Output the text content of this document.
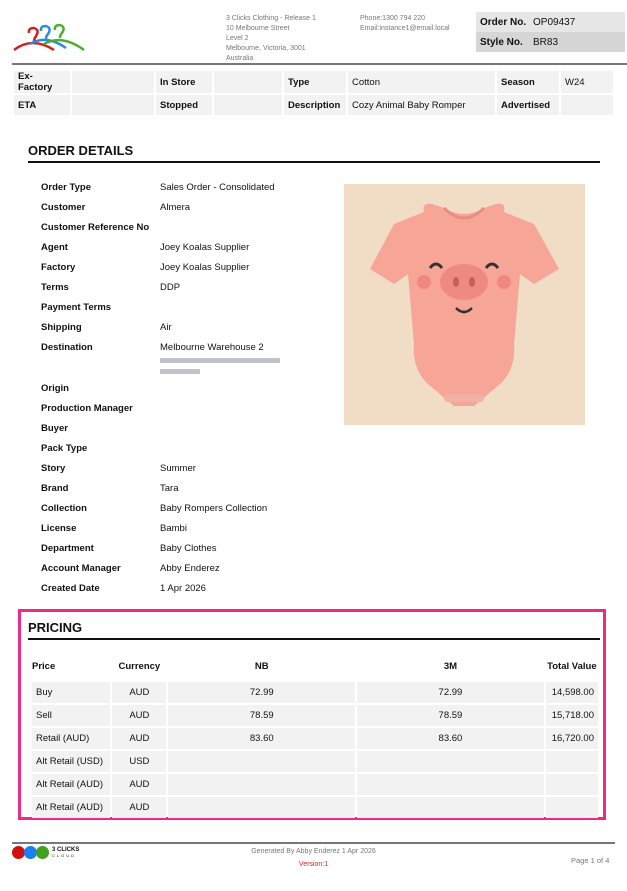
3 Clicks Clothing - Release 1
10 Melbourne Street
Level 2
Melbourne, Victoria, 3001
Australia
Phone:1300 794 220
Email:instance1@email.local
Order No. OP09437
Style No.	BR83
Ex-Factory		In Store		Type	Cotton	Season	W24
ETA		Stopped		Description	Cozy Animal Baby Romper	Advertised	
ORDER DETAILS
Order Type	Sales Order - Consolidated
Customer	Almera
Customer Reference No
Agent	Joey Koalas Supplier
Factory	Joey Koalas Supplier
Terms	DDP
Payment Terms
Shipping	Air
Destination	Melbourne Warehouse 2

Origin
Production Manager
Buyer
Pack Type
Story	Summer
Brand	Tara
Collection	Baby Rompers Collection
License	Bambi
Department	Baby Clothes
Account Manager	Abby Enderez
Created Date	1 Apr 2026
PRICING
Price	Currency	NB	3M	Total Value
Buy	AUD	72.99	72.99	14,598.00
Sell	AUD	78.59	78.59	15,718.00
Retail (AUD)	AUD	83.60	83.60	16,720.00
Alt Retail (USD)	USD			
Alt Retail (AUD)	AUD			
Alt Retail (AUD)	AUD			
3 CLICKS
CLOUD	Generated By Abby Enderez 1 Apr 2026
Version:1	Page 1 of 4
